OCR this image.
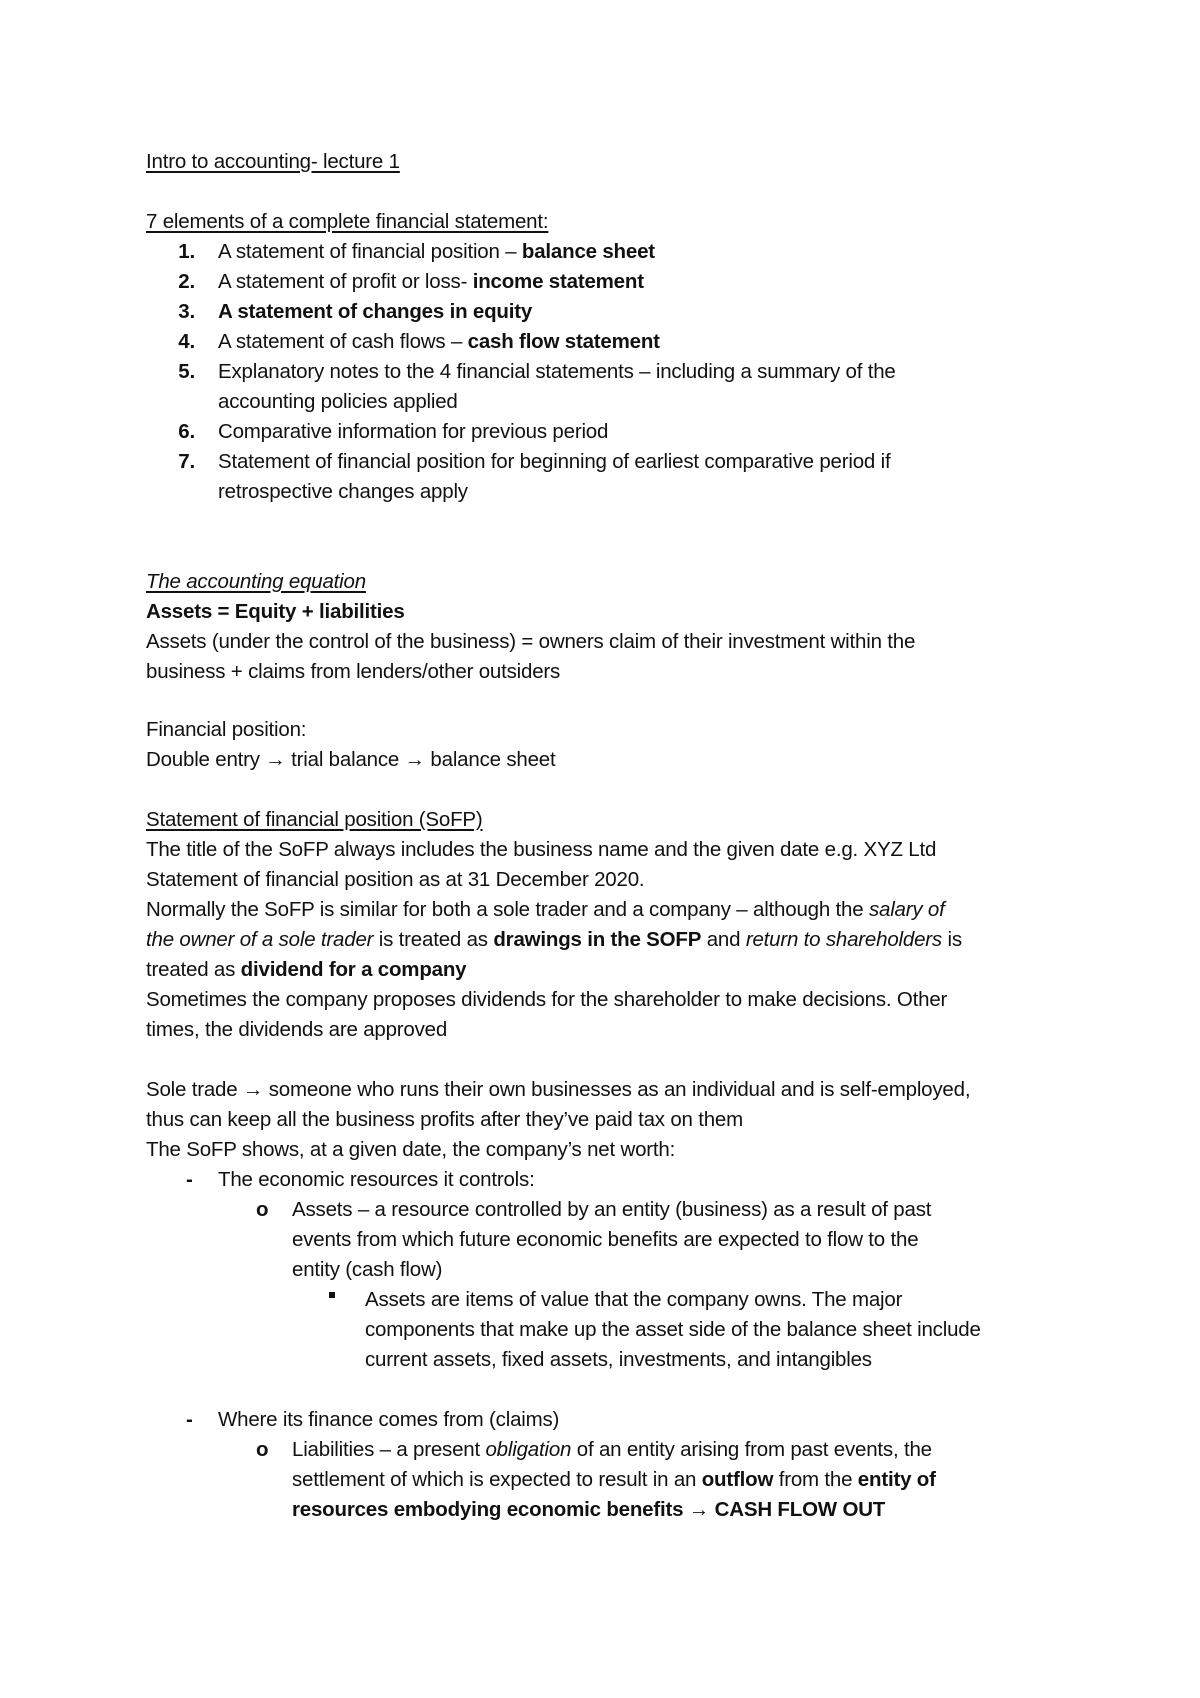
Intro to accounting- lecture 1
7 elements of a complete financial statement:
1. A statement of financial position – balance sheet
2. A statement of profit or loss- income statement
3. A statement of changes in equity
4. A statement of cash flows – cash flow statement
5. Explanatory notes to the 4 financial statements – including a summary of the
accounting policies applied
6. Comparative information for previous period
7. Statement of financial position for beginning of earliest comparative period if
retrospective changes apply
The accounting equation
Assets = Equity + liabilities
Assets (under the control of the business) = owners claim of their investment within the
business + claims from lenders/other outsiders
Financial position:
Double entry → trial balance → balance sheet
Statement of financial position (SoFP)
The title of the SoFP always includes the business name and the given date e.g. XYZ Ltd
Statement of financial position as at 31 December 2020.
Normally the SoFP is similar for both a sole trader and a company – although the salary of
the owner of a sole trader is treated as drawings in the SOFP and return to shareholders is
treated as dividend for a company
Sometimes the company proposes dividends for the shareholder to make decisions. Other
times, the dividends are approved
Sole trade → someone who runs their own businesses as an individual and is self-employed,
thus can keep all the business profits after they’ve paid tax on them
The SoFP shows, at a given date, the company’s net worth:
- The economic resources it controls:
o Assets – a resource controlled by an entity (business) as a result of past
events from which future economic benefits are expected to flow to the
entity (cash flow)
Assets are items of value that the company owns. The major
components that make up the asset side of the balance sheet include
current assets, fixed assets, investments, and intangibles
- Where its finance comes from (claims)
o Liabilities – a present obligation of an entity arising from past events, the
settlement of which is expected to result in an outflow from the entity of
resources embodying economic benefits → CASH FLOW OUT
